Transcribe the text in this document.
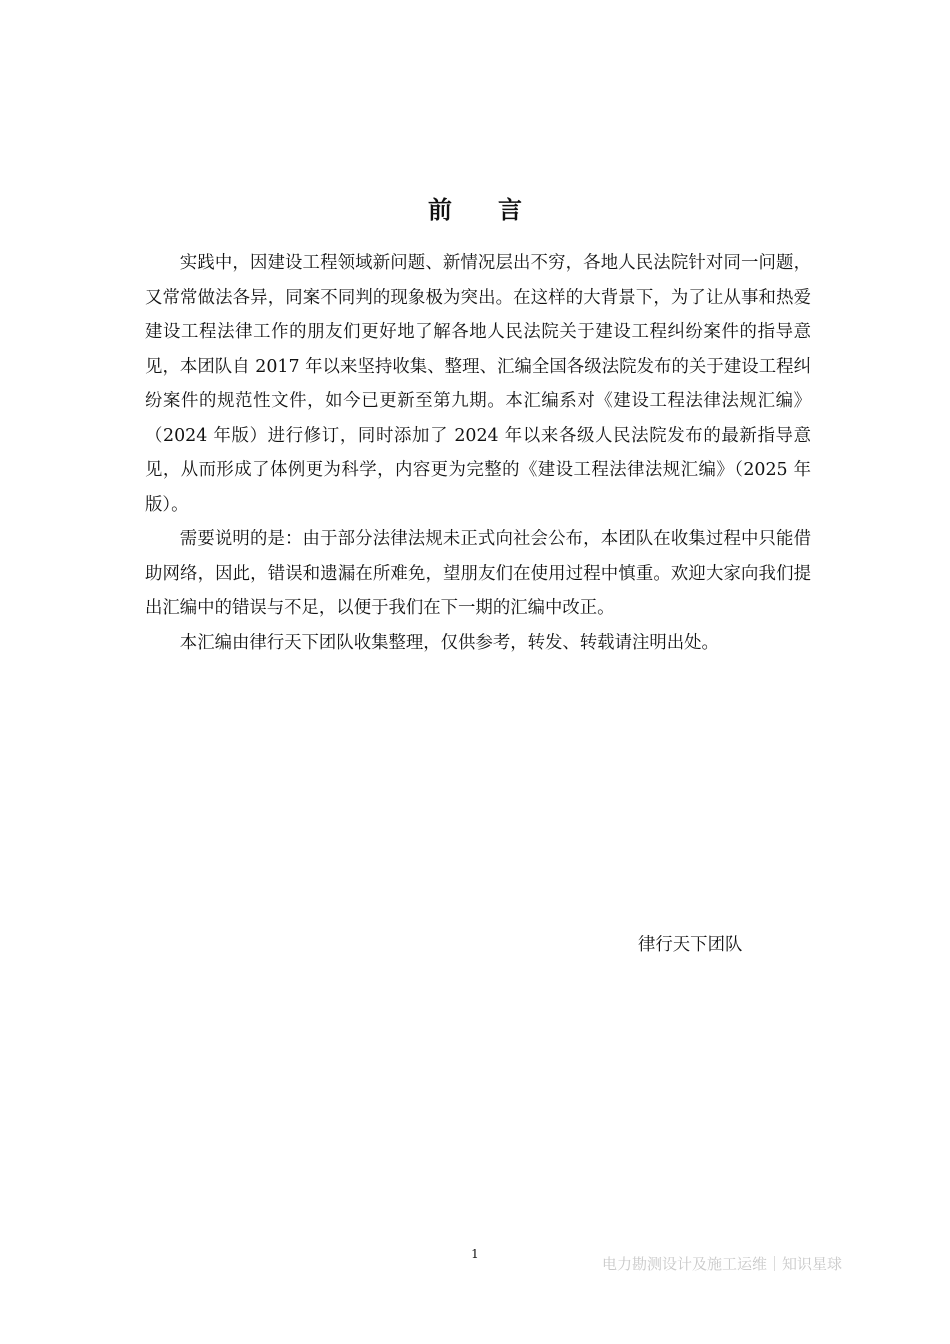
前言

实践中，因建设工程领域新问题、新情况层出不穷，各地人民法院针对同一问题，又常常做法各异，同案不同判的现象极为突出。在这样的大背景下，为了让从事和热爱建设工程法律工作的朋友们更好地了解各地人民法院关于建设工程纠纷案件的指导意见，本团队自 2017 年以来坚持收集、整理、汇编全国各级法院发布的关于建设工程纠纷案件的规范性文件，如今已更新至第九期。本汇编系对《建设工程法律法规汇编》（2024 年版）进行修订，同时添加了 2024 年以来各级人民法院发布的最新指导意见，从而形成了体例更为科学，内容更为完整的《建设工程法律法规汇编》（2025 年版）。

需要说明的是：由于部分法律法规未正式向社会公布，本团队在收集过程中只能借助网络，因此，错误和遗漏在所难免，望朋友们在使用过程中慎重。欢迎大家向我们提出汇编中的错误与不足，以便于我们在下一期的汇编中改正。

本汇编由律行天下团队收集整理，仅供参考，转发、转载请注明出处。

律行天下团队
1
电力勘测设计及施工运维｜知识星球
